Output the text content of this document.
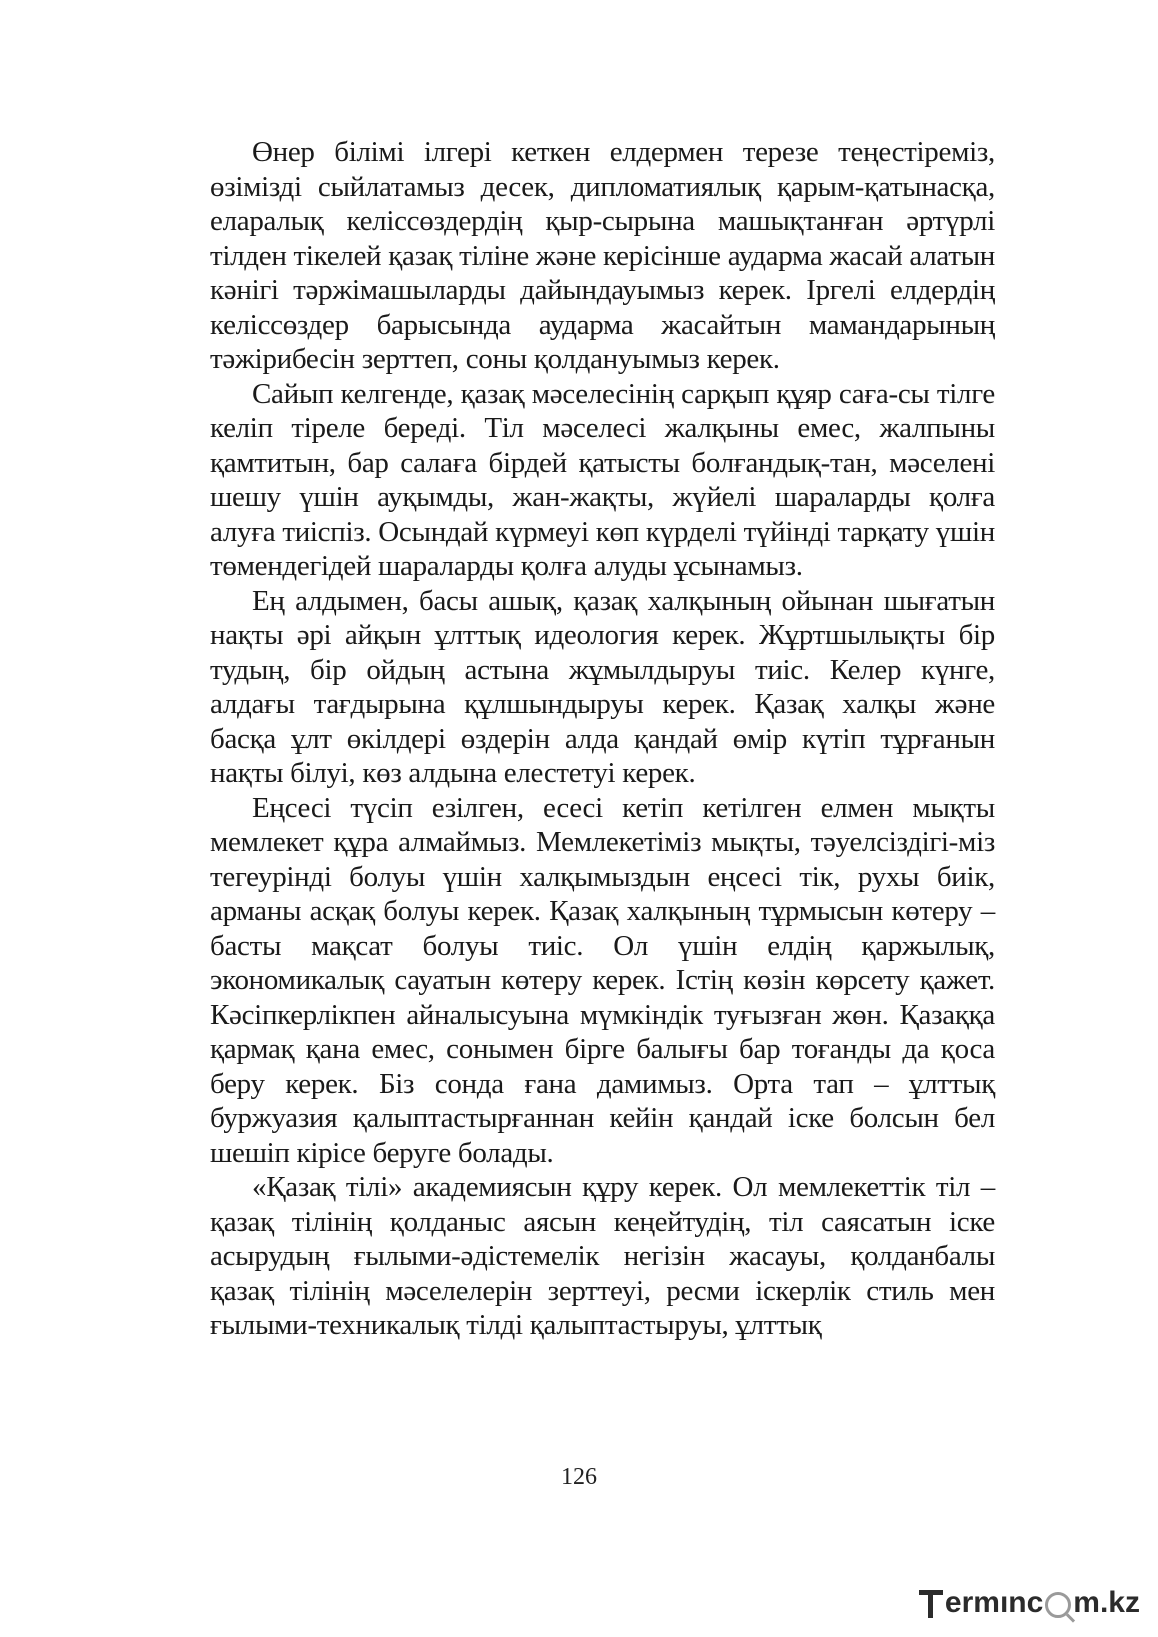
Өнер білімі ілгері кеткен елдермен терезе теңестіреміз, өзімізді сыйлатамыз десек, дипломатиялық қарым-қатынасқа, еларалық келіссөздердің қыр-сырына машықтанған әртүрлі тілден тікелей қазақ тіліне және керісінше аударма жасай алатын кәнігі тәржімашыларды дайындауымыз керек. Іргелі елдердің келіссөздер барысында аударма жасайтын мамандарының тәжірибесін зерттеп, соны қолдануымыз керек.

Сайып келгенде, қазақ мәселесінің сарқып құяр саға-сы тілге келіп тіреле береді. Тіл мәселесі жалқыны емес, жалпыны қамтитын, бар салаға бірдей қатысты болғандық-тан, мәселені шешу үшін ауқымды, жан-жақты, жүйелі шараларды қолға алуға тиіспіз. Осындай күрмеуі көп күрделі түйінді тарқату үшін төмендегідей шараларды қолға алуды ұсынамыз.

Ең алдымен, басы ашық, қазақ халқының ойынан шығатын нақты әрі айқын ұлттық идеология керек. Жұртшылықты бір тудың, бір ойдың астына жұмылдыруы тиіс. Келер күнге, алдағы тағдырына құлшындыруы керек. Қазақ халқы және басқа ұлт өкілдері өздерін алда қандай өмір күтіп тұрғанын нақты білуі, көз алдына елестетуі керек.

Еңсесі түсіп езілген, есесі кетіп кетілген елмен мықты мемлекет құра алмаймыз. Мемлекетіміз мықты, тәуелсіздігі-міз тегеурінді болуы үшін халқымыздын еңсесі тік, рухы биік, арманы асқақ болуы керек. Қазақ халқының тұрмысын көтеру – басты мақсат болуы тиіс. Ол үшін елдің қаржылық, экономикалық сауатын көтеру керек. Істің көзін көрсету қажет. Кәсіпкерлікпен айналысуына мүмкіндік туғызған жөн. Қазаққа қармақ қана емес, сонымен бірге балығы бар тоғанды да қоса беру керек. Біз сонда ғана дамимыз. Орта тап – ұлттық буржуазия қалыптастырғаннан кейін қандай іске болсын бел шешіп кірісе беруге болады.

«Қазақ тілі» академиясын құру керек. Ол мемлекеттік тіл – қазақ тілінің қолданыс аясын кеңейтудің, тіл саясатын іске асырудың ғылыми-әдістемелік негізін жасауы, қолданбалы қазақ тілінің мәселелерін зерттеуі, ресми іскерлік стиль мен ғылыми-техникалық тілді қалыптастыруы, ұлттық

126
ermınc m.kz
